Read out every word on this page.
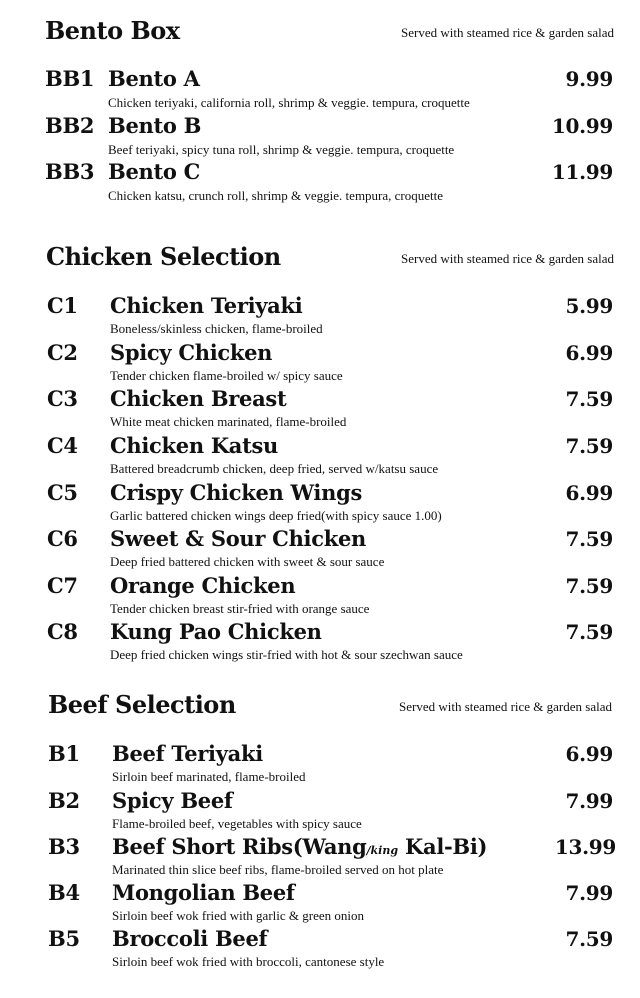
Bento Box	Served with steamed rice & garden salad
BB1 Bento A	9.99
Chicken teriyaki, california roll, shrimp & veggie. tempura, croquette
BB2 Bento B	10.99
Beef teriyaki, spicy tuna roll, shrimp & veggie. tempura, croquette
BB3 Bento C	11.99
Chicken katsu, crunch roll, shrimp & veggie. tempura, croquette
Chicken Selection	Served with steamed rice & garden salad
C1 Chicken Teriyaki	5.99
Boneless/skinless chicken, flame-broiled
C2 Spicy Chicken	6.99
Tender chicken flame-broiled w/ spicy sauce
C3 Chicken Breast	7.59
White meat chicken marinated, flame-broiled
C4 Chicken Katsu	7.59
Battered breadcrumb chicken, deep fried, served w/katsu sauce
C5 Crispy Chicken Wings	6.99
Garlic battered chicken wings deep fried(with spicy sauce 1.00)
C6 Sweet & Sour Chicken	7.59
Deep fried battered chicken with sweet & sour sauce
C7 Orange Chicken	7.59
Tender chicken breast stir-fried with orange sauce
C8 Kung Pao Chicken	7.59
Deep fried chicken wings stir-fried with hot & sour szechwan sauce
Beef Selection	Served with steamed rice & garden salad
B1 Beef Teriyaki	6.99
Sirloin beef marinated, flame-broiled
B2 Spicy Beef	7.99
Flame-broiled beef, vegetables with spicy sauce
B3 Beef Short Ribs(Wang/king Kal-Bi)	13.99
Marinated thin slice beef ribs, flame-broiled served on hot plate
B4 Mongolian Beef	7.99
Sirloin beef wok fried with garlic & green onion
B5 Broccoli Beef	7.59
Sirloin beef wok fried with broccoli, cantonese style
